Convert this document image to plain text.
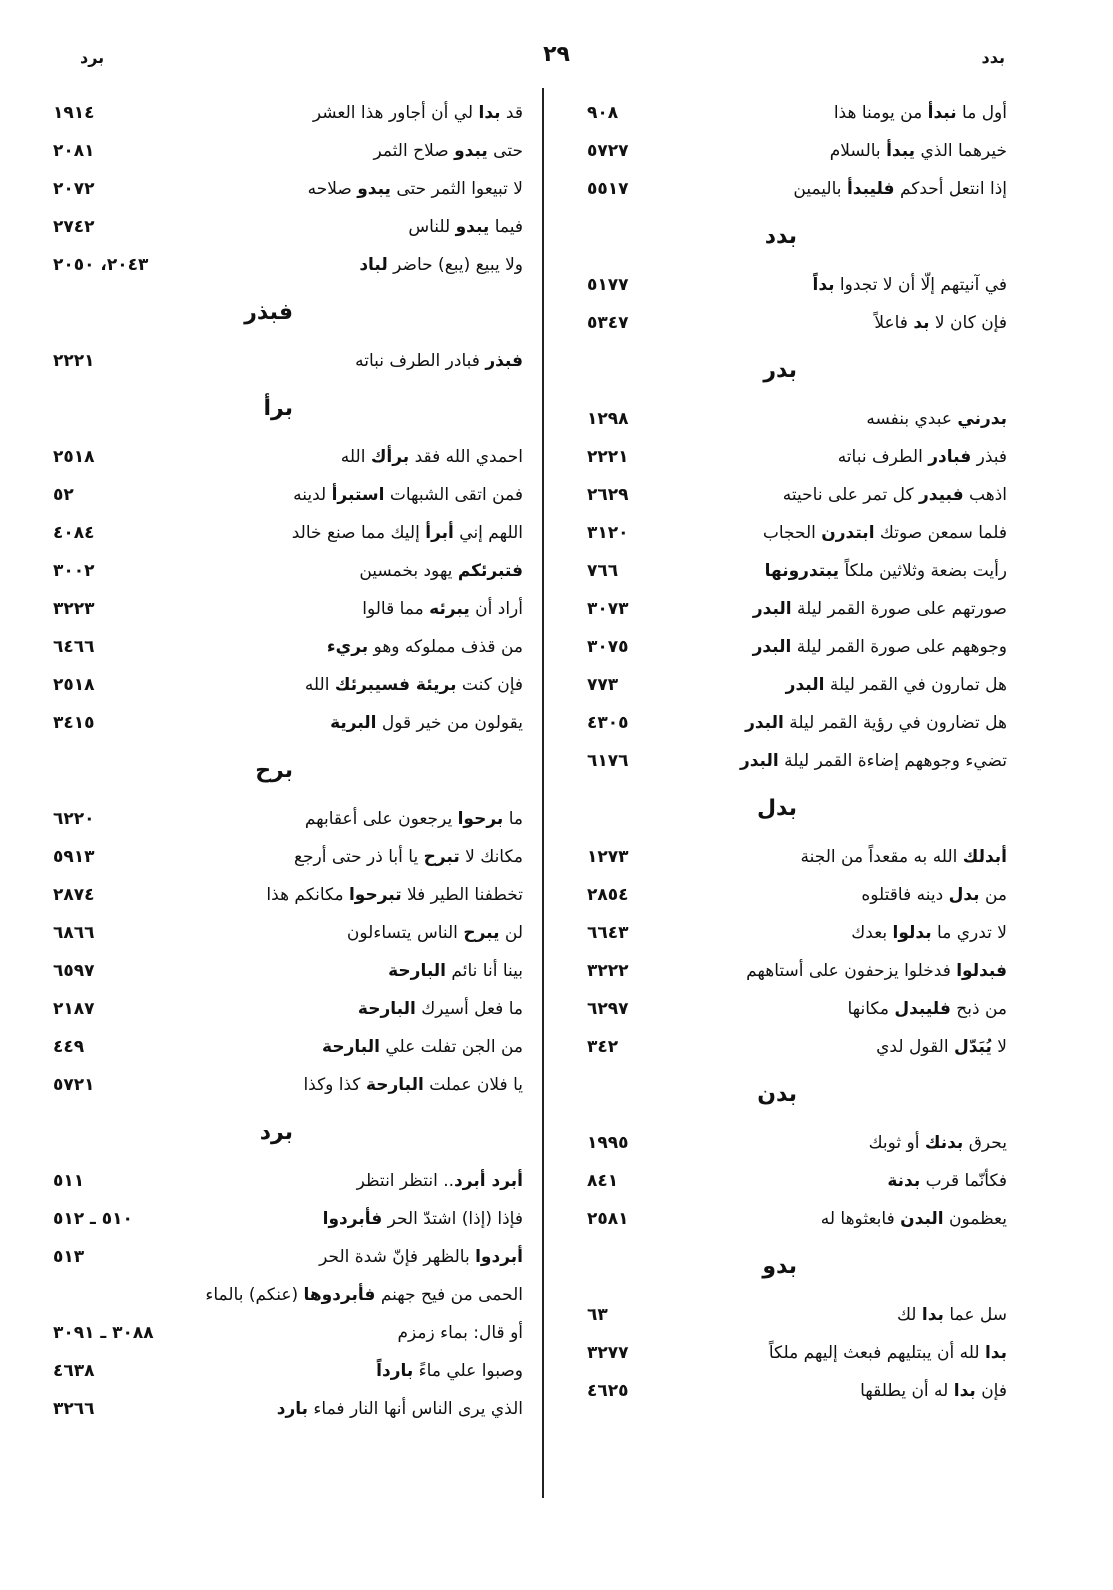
بدد
٢٩
برد
أول ما نبدأ من يومنا هذا
٩٠٨
خيرهما الذي يبدأ بالسلام
٥٧٢٧
إذا انتعل أحدكم فليبدأ باليمين
٥٥١٧
بدد
في آنيتهم إلّا أن لا تجدوا بداً
٥١٧٧
فإن كان لا بد فاعلاً
٥٣٤٧
بدر
بدرني عبدي بنفسه
١٢٩٨
فبذر فبادر الطرف نباته
٢٢٢١
اذهب فبيدر كل تمر على ناحيته
٢٦٢٩
فلما سمعن صوتك ابتدرن الحجاب
٣١٢٠
رأيت بضعة وثلاثين ملكاً يبتدرونها
٧٦٦
صورتهم على صورة القمر ليلة البدر
٣٠٧٣
وجوههم على صورة القمر ليلة البدر
٣٠٧٥
هل تمارون في القمر ليلة البدر
٧٧٣
هل تضارون في رؤية القمر ليلة البدر
٤٣٠٥
تضيء وجوههم إضاءة القمر ليلة البدر
٦١٧٦
بدل
أبدلك الله به مقعداً من الجنة
١٢٧٣
من بدل دينه فاقتلوه
٢٨٥٤
لا تدري ما بدلوا بعدك
٦٦٤٣
فبدلوا فدخلوا يزحفون على أستاههم
٣٢٢٢
من ذبح فليبدل مكانها
٦٢٩٧
لا يُبَدّل القول لدي
٣٤٢
بدن
يحرق بدنك أو ثوبك
١٩٩٥
فكأنّما قرب بدنة
٨٤١
يعظمون البدن فابعثوها له
٢٥٨١
بدو
سل عما بدا لك
٦٣
بدا لله أن يبتليهم فبعث إليهم ملكاً
٣٢٧٧
فإن بدا له أن يطلقها
٤٦٢٥
قد بدا لي أن أجاور هذا العشر
١٩١٤
حتى يبدو صلاح الثمر
٢٠٨١
لا تبيعوا الثمر حتى يبدو صلاحه
٢٠٧٢
فيما يبدو للناس
٢٧٤٢
ولا يبيع (يبع) حاضر لباد
٢٠٤٣، ٢٠٥٠
فبذر
فبذر فبادر الطرف نباته
٢٢٢١
برأ
احمدي الله فقد برأك الله
٢٥١٨
فمن اتقى الشبهات استبرأ لدينه
٥٢
اللهم إني أبرأ إليك مما صنع خالد
٤٠٨٤
فتبرئكم يهود بخمسين
٣٠٠٢
أراد أن يبرئه مما قالوا
٣٢٢٣
من قذف مملوكه وهو بريء
٦٤٦٦
فإن كنت بريئة فسيبرئك الله
٢٥١٨
يقولون من خير قول البرية
٣٤١٥
برح
ما برحوا يرجعون على أعقابهم
٦٢٢٠
مكانك لا تبرح يا أبا ذر حتى أرجع
٥٩١٣
تخطفنا الطير فلا تبرحوا مكانكم هذا
٢٨٧٤
لن يبرح الناس يتساءلون
٦٨٦٦
بينا أنا نائم البارحة
٦٥٩٧
ما فعل أسيرك البارحة
٢١٨٧
من الجن تفلت علي البارحة
٤٤٩
يا فلان عملت البارحة كذا وكذا
٥٧٢١
برد
أبرد أبرد.. انتظر انتظر
٥١١
فإذا (إذا) اشتدّ الحر فأبردوا
٥١٠ ـ ٥١٢
أبردوا بالظهر فإنّ شدة الحر
٥١٣
الحمى من فيح جهنم فأبردوها (عنكم) بالماء
أو قال: بماء زمزم
٣٠٨٨ ـ ٣٠٩١
وصبوا علي ماءً بارداً
٤٦٣٨
الذي يرى الناس أنها النار فماء بارد
٣٢٦٦
